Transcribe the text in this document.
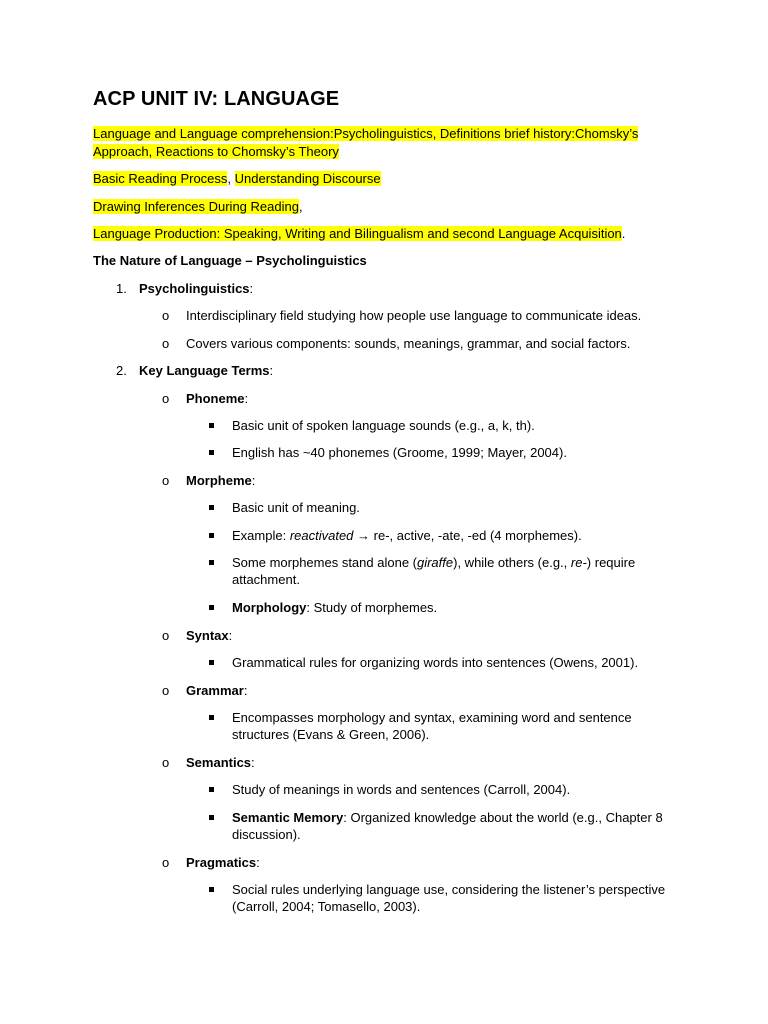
ACP UNIT IV: LANGUAGE
Language and Language comprehension:Psycholinguistics, Definitions brief history:Chomsky’s Approach, Reactions to Chomsky’s Theory
Basic Reading Process, Understanding Discourse
Drawing Inferences During Reading,
Language Production: Speaking, Writing and Bilingualism and second Language Acquisition.
The Nature of Language – Psycholinguistics
1. Psycholinguistics:
o Interdisciplinary field studying how people use language to communicate ideas.
o Covers various components: sounds, meanings, grammar, and social factors.
2. Key Language Terms:
o Phoneme:
Basic unit of spoken language sounds (e.g., a, k, th).
English has ~40 phonemes (Groome, 1999; Mayer, 2004).
o Morpheme:
Basic unit of meaning.
Example: reactivated → re-, active, -ate, -ed (4 morphemes).
Some morphemes stand alone (giraffe), while others (e.g., re-) require attachment.
Morphology: Study of morphemes.
o Syntax:
Grammatical rules for organizing words into sentences (Owens, 2001).
o Grammar:
Encompasses morphology and syntax, examining word and sentence structures (Evans & Green, 2006).
o Semantics:
Study of meanings in words and sentences (Carroll, 2004).
Semantic Memory: Organized knowledge about the world (e.g., Chapter 8 discussion).
o Pragmatics:
Social rules underlying language use, considering the listener’s perspective (Carroll, 2004; Tomasello, 2003).
